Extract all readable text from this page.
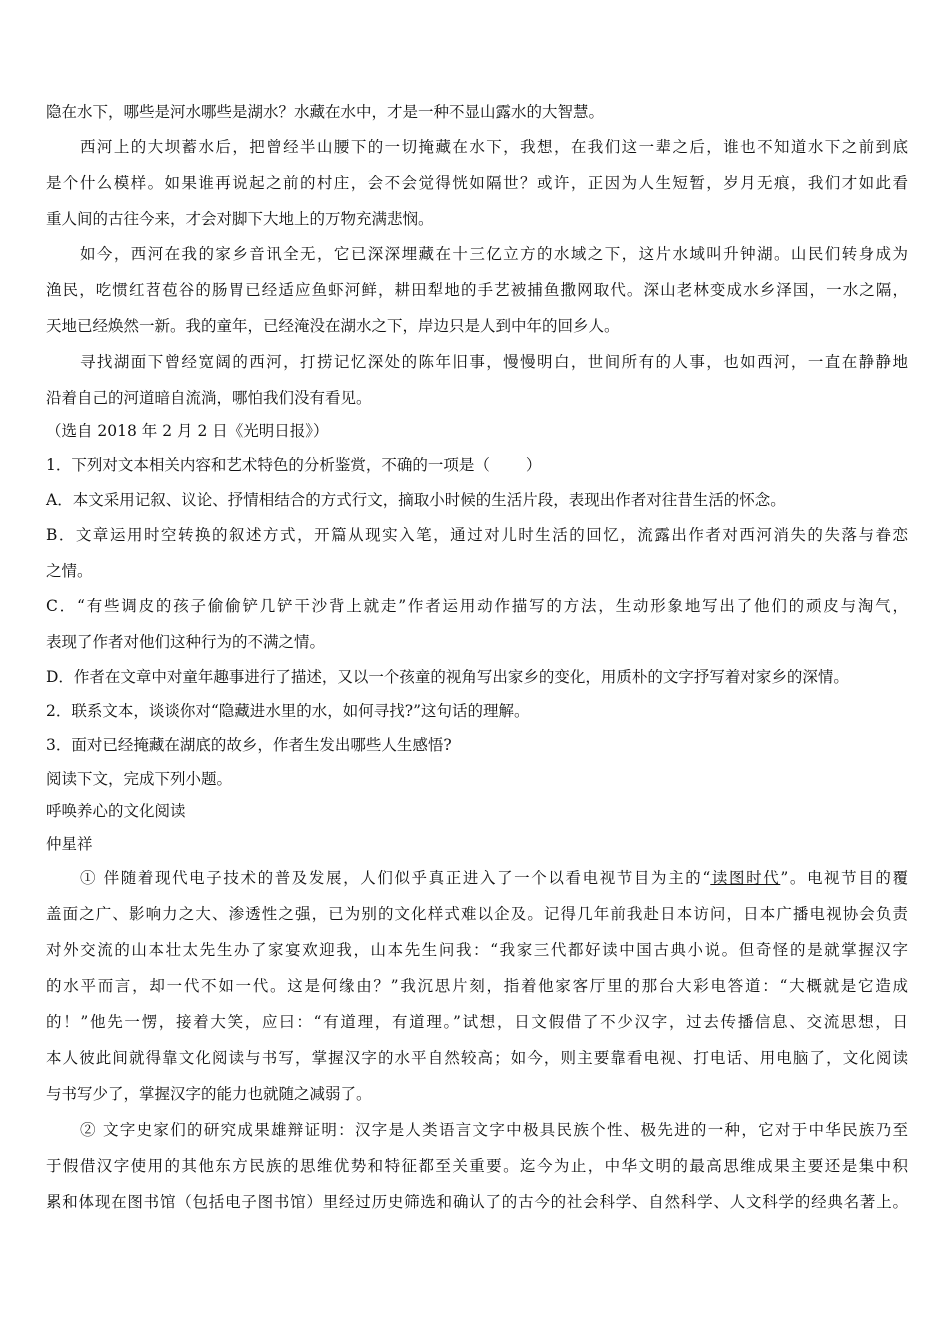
隐在水下，哪些是河水哪些是湖水？水藏在水中，才是一种不显山露水的大智慧。
西河上的大坝蓄水后，把曾经半山腰下的一切掩藏在水下，我想，在我们这一辈之后，谁也不知道水下之前到底
是个什么模样。如果谁再说起之前的村庄，会不会觉得恍如隔世？或许，正因为人生短暂，岁月无痕，我们才如此看
重人间的古往今来，才会对脚下大地上的万物充满悲悯。
如今，西河在我的家乡音讯全无，它已深深埋藏在十三亿立方的水域之下，这片水域叫升钟湖。山民们转身成为
渔民，吃惯红苕苞谷的肠胃已经适应鱼虾河鲜，耕田犁地的手艺被捕鱼撒网取代。深山老林变成水乡泽国，一水之隔，
天地已经焕然一新。我的童年，已经淹没在湖水之下，岸边只是人到中年的回乡人。
寻找湖面下曾经宽阔的西河，打捞记忆深处的陈年旧事，慢慢明白，世间所有的人事，也如西河，一直在静静地
沿着自己的河道暗自流淌，哪怕我们没有看见。
（选自 2018 年 2 月 2 日《光明日报》）
1．下列对文本相关内容和艺术特色的分析鉴赏，不确的一项是（ ）
A．本文采用记叙、议论、抒情相结合的方式行文，摘取小时候的生活片段，表现出作者对往昔生活的怀念。
B．文章运用时空转换的叙述方式，开篇从现实入笔，通过对儿时生活的回忆，流露出作者对西河消失的失落与眷恋
之情。
C．“有些调皮的孩子偷偷铲几铲干沙背上就走”作者运用动作描写的方法，生动形象地写出了他们的顽皮与淘气，
表现了作者对他们这种行为的不满之情。
D．作者在文章中对童年趣事进行了描述，又以一个孩童的视角写出家乡的变化，用质朴的文字抒写着对家乡的深情。
2．联系文本，谈谈你对“隐藏进水里的水，如何寻找?”这句话的理解。
3．面对已经掩藏在湖底的故乡，作者生发出哪些人生感悟?
阅读下文，完成下列小题。
呼唤养心的文化阅读
仲星祥
① 伴随着现代电子技术的普及发展，人们似乎真正进入了一个以看电视节目为主的“读图时代”。电视节目的覆
盖面之广、影响力之大、渗透性之强，已为别的文化样式难以企及。记得几年前我赴日本访问，日本广播电视协会负责
对外交流的山本壮太先生办了家宴欢迎我，山本先生问我：“我家三代都好读中国古典小说。但奇怪的是就掌握汉字
的水平而言，却一代不如一代。这是何缘由？”我沉思片刻，指着他家客厅里的那台大彩电答道：“大概就是它造成
的！”他先一愣，接着大笑，应曰：“有道理，有道理。”试想，日文假借了不少汉字，过去传播信息、交流思想，日
本人彼此间就得靠文化阅读与书写，掌握汉字的水平自然较高；如今，则主要靠看电视、打电话、用电脑了，文化阅读
与书写少了，掌握汉字的能力也就随之减弱了。
② 文字史家们的研究成果雄辩证明：汉字是人类语言文字中极具民族个性、极先进的一种，它对于中华民族乃至
于假借汉字使用的其他东方民族的思维优势和特征都至关重要。迄今为止，中华文明的最高思维成果主要还是集中积
累和体现在图书馆（包括电子图书馆）里经过历史筛选和确认了的古今的社会科学、自然科学、人文科学的经典名著上。
